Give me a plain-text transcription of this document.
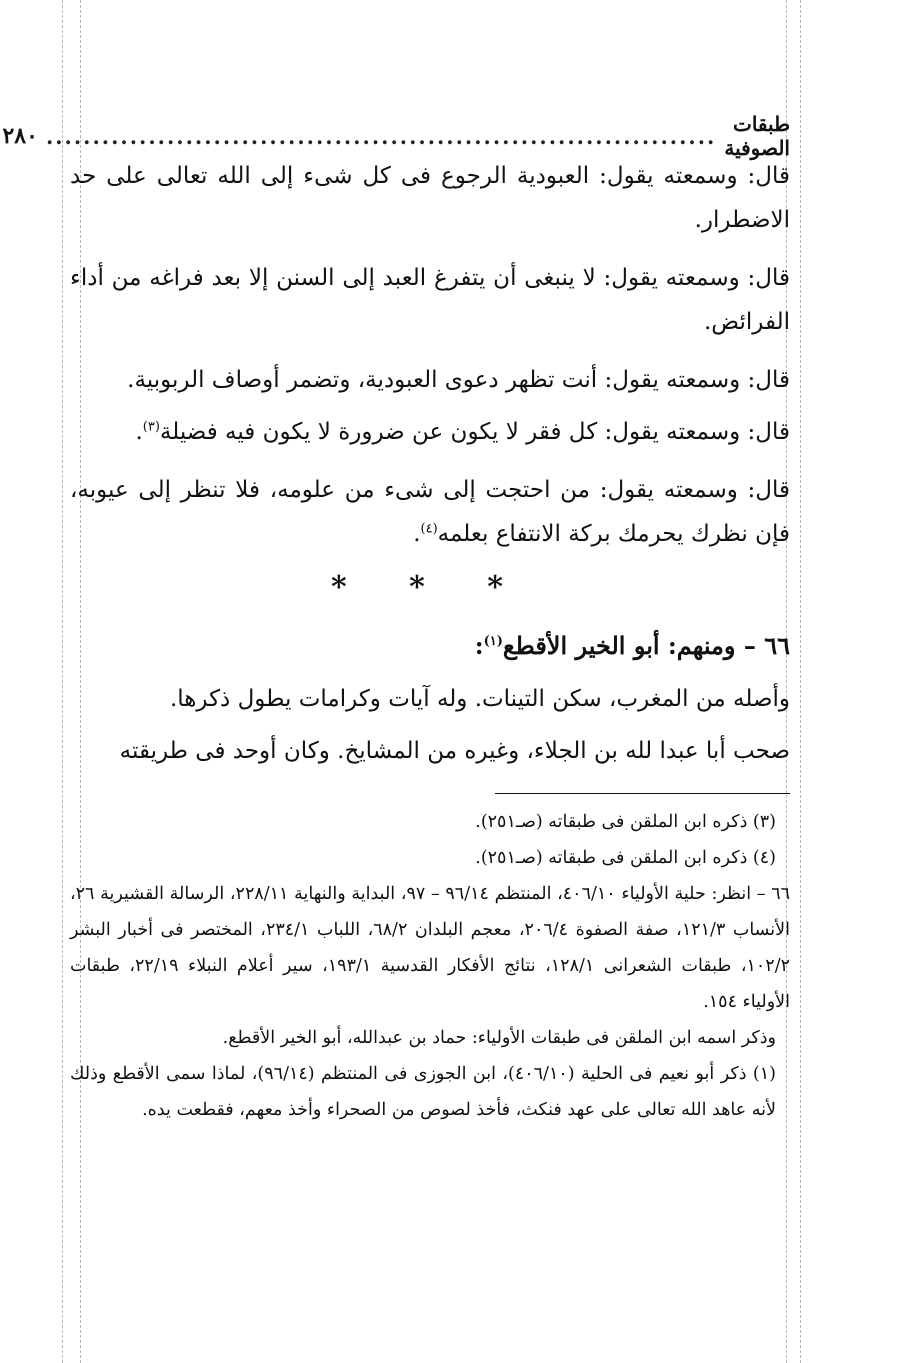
طبقات الصوفية
........................................................................
٢٨٠

قال: وسمعته يقول: العبودية الرجوع فى كل شىء إلى الله تعالى على حد الاضطرار.

قال: وسمعته يقول: لا ينبغى أن يتفرغ العبد إلى السنن إلا بعد فراغه من أداء الفرائض.

قال: وسمعته يقول: أنت تظهر دعوى العبودية، وتضمر أوصاف الربوبية.

قال: وسمعته يقول: كل فقر لا يكون عن ضرورة لا يكون فيه فضيلة$^{(٣)}$.

قال: وسمعته يقول: من احتجت إلى شىء من علومه، فلا تنظر إلى عيوبه، فإن نظرك يحرمك بركة الانتفاع بعلمه$^{(٤)}$.

* * *

٦٦ – ومنهم: أبو الخير الأقطع$^{(١)}$:

وأصله من المغرب، سكن التينات. وله آيات وكرامات يطول ذكرها.

صحب أبا عبدا لله بن الجلاء، وغيره من المشايخ. وكان أوحد فى طريقته

(٣) ذكره ابن الملقن فى طبقاته (صـ٢٥١).

(٤) ذكره ابن الملقن فى طبقاته (صـ٢٥١).

٦٦ – انظر: حلية الأولياء ٤٠٦/١٠، المنتظم ٩٦/١٤ – ٩٧، البداية والنهاية ٢٢٨/١١، الرسالة القشيرية ٢٦، الأنساب ١٢١/٣، صفة الصفوة ٢٠٦/٤، معجم البلدان ٦٨/٢، اللباب ٢٣٤/١، المختصر فى أخبار البشر ١٠٢/٢، طبقات الشعرانى ١٢٨/١، نتائج الأفكار القدسية ١٩٣/١، سير أعلام النبلاء ٢٢/١٩، طبقات الأولياء ١٥٤.

وذكر اسمه ابن الملقن فى طبقات الأولياء: حماد بن عبدالله، أبو الخير الأقطع.

(١) ذكر أبو نعيم فى الحلية (٤٠٦/١٠)، ابن الجوزى فى المنتظم (٩٦/١٤)، لماذا سمى الأقطع وذلك لأنه عاهد الله تعالى على عهد فنكث، فأخذ لصوص من الصحراء وأخذ معهم، فقطعت يده.
